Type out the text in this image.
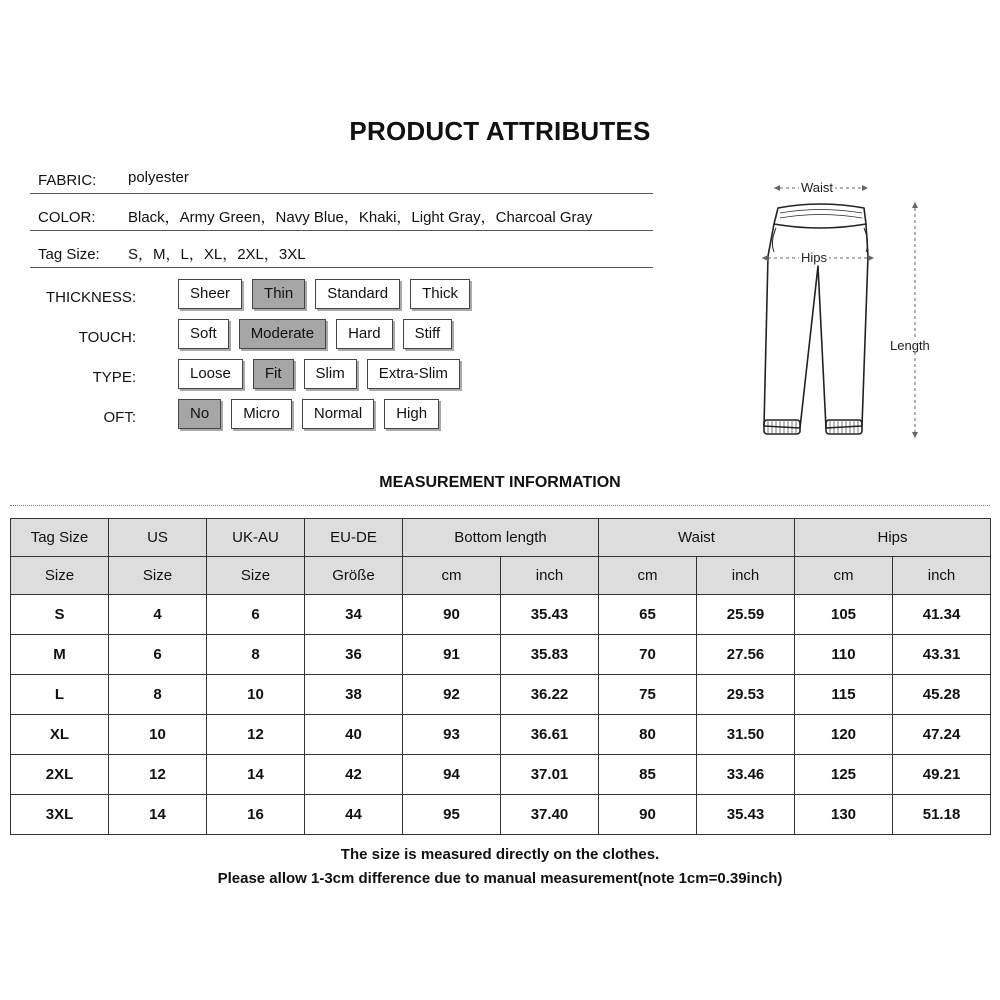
PRODUCT ATTRIBUTES
FABRIC: polyester
COLOR: Black，Army Green，Navy Blue，Khaki，Light Gray，Charcoal Gray
Tag Size: S，M，L，XL，2XL，3XL
THICKNESS:	Sheer	Thin	Standard	Thick
TOUCH:	Soft	Moderate	Hard	Stiff
TYPE:	Loose	Fit	Slim	Extra-Slim
OFT:	No	Micro	Normal	High
Waist
Hips
Length
MEASUREMENT INFORMATION
Tag Size	US	UK-AU	EU-DE	Bottom length		Waist		Hips	
Size	Size	Size	Größe	cm	inch	cm	inch	cm	inch
S	4	6	34	90	35.43	65	25.59	105	41.34
M	6	8	36	91	35.83	70	27.56	110	43.31
L	8	10	38	92	36.22	75	29.53	115	45.28
XL	10	12	40	93	36.61	80	31.50	120	47.24
2XL	12	14	42	94	37.01	85	33.46	125	49.21
3XL	14	16	44	95	37.40	90	35.43	130	51.18
The size is measured directly on the clothes.
Please allow 1-3cm difference due to manual measurement(note 1cm=0.39inch)
